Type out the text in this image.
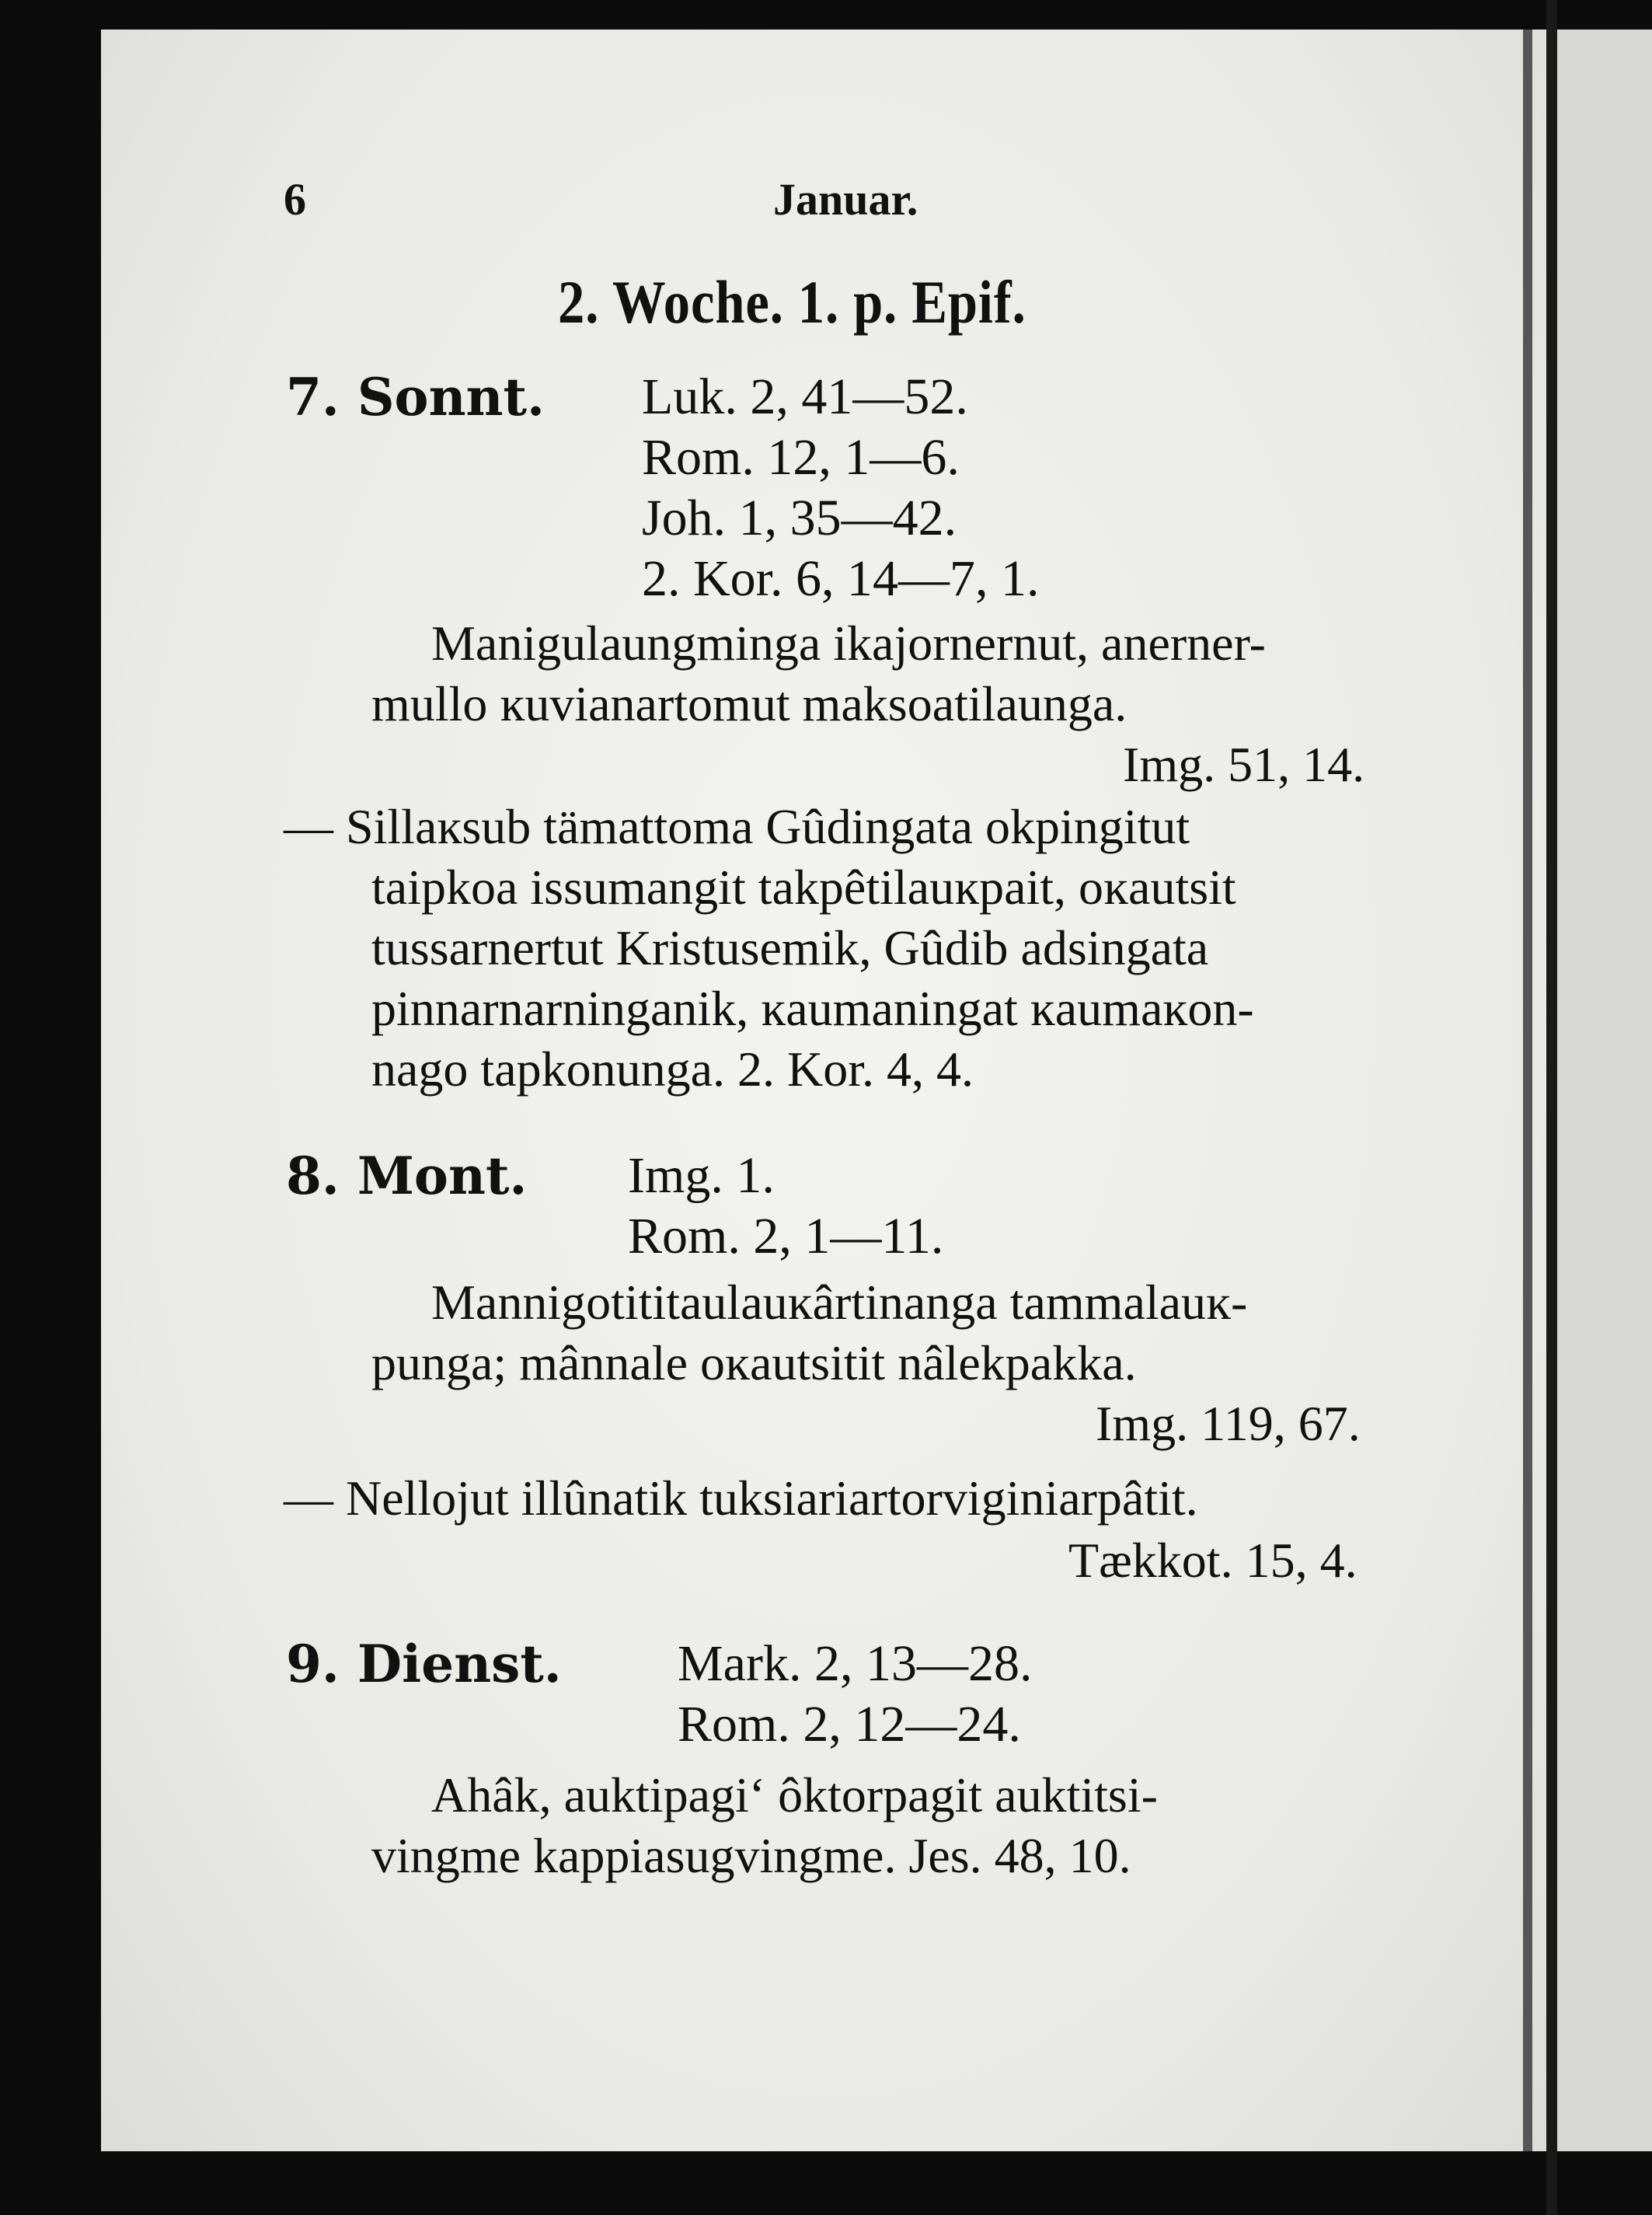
6	Januar.
2. Woche. 1. p. Epif.
7. Sonnt. Luk. 2, 41—52.
Rom. 12, 1—6.
Joh. 1, 35—42.
2. Kor. 6, 14—7, 1.
Manigulaungminga ikajornernut, anerner-
mullo ĸuvianartomut maksoatilaunga.
Img. 51, 14.
— Sillaĸsub tämattoma Gûdingata okpingitut
taipkoa issumangit takpêtilauĸpait, oĸautsit
tussarnertut Kristusemik, Gûdib adsingata
pinnarnarninganik, ĸaumaningat ĸaumaĸon-
nago tapkonunga. 2. Kor. 4, 4.
8. Mont. Img. 1.
Rom. 2, 1—11.
Mannigotititaulauĸârtinanga tammalauĸ-
punga; mânnale oĸautsitit nâlekpakka.
Img. 119, 67.
— Nellojut illûnatik tuksiariartorviginiarpâtit.
Tækkot. 15, 4.
9. Dienst. Mark. 2, 13—28.
Rom. 2, 12—24.
Ahâk, auktipagi‘ ôktorpagit auktitsi-
vingme kappiasugvingme. Jes. 48, 10.
